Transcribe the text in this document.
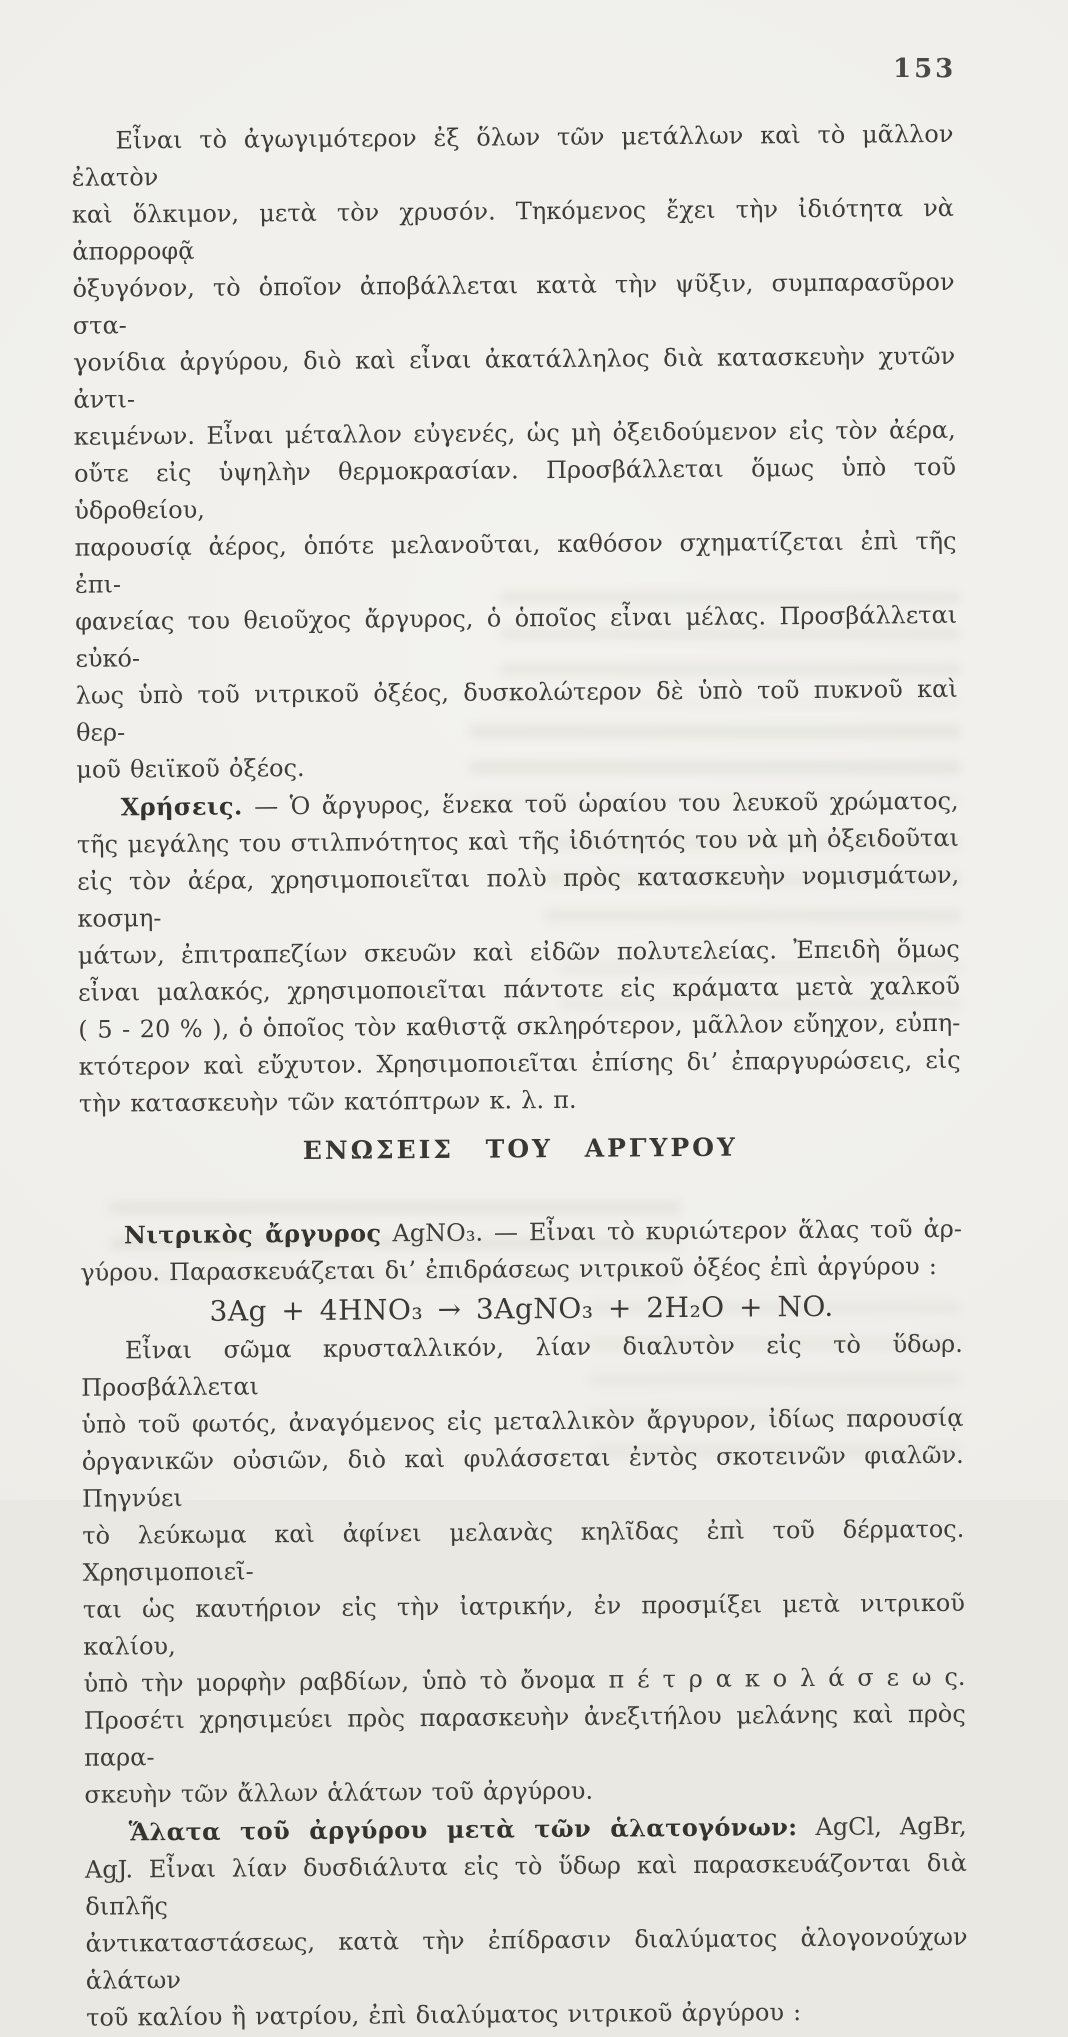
153
Εἶναι τὸ ἀγωγιμότερον ἐξ ὅλων τῶν μετάλλων καὶ τὸ μᾶλλον ἐλατὸν
καὶ ὅλκιμον, μετὰ τὸν χρυσόν. Τηκόμενος ἔχει τὴν ἰδιότητα νὰ ἀπορροφᾷ
ὀξυγόνον, τὸ ὁποῖον ἀποβάλλεται κατὰ τὴν ψῦξιν, συμπαρασῦρον στα-
γονίδια ἀργύρου, διὸ καὶ εἶναι ἀκατάλληλος διὰ κατασκευὴν χυτῶν ἀντι-
κειμένων. Εἶναι μέταλλον εὐγενές, ὡς μὴ ὀξειδούμενον εἰς τὸν ἀέρα,
οὔτε εἰς ὑψηλὴν θερμοκρασίαν. Προσβάλλεται ὅμως ὑπὸ τοῦ ὑδροθείου,
παρουσίᾳ ἀέρος, ὁπότε μελανοῦται, καθόσον σχηματίζεται ἐπὶ τῆς ἐπι-
φανείας του θειοῦχος ἄργυρος, ὁ ὁποῖος εἶναι μέλας. Προσβάλλεται εὐκό-
λως ὑπὸ τοῦ νιτρικοῦ ὀξέος, δυσκολώτερον δὲ ὑπὸ τοῦ πυκνοῦ καὶ θερ-
μοῦ θειϊκοῦ ὀξέος.
Χρήσεις. — Ὁ ἄργυρος, ἕνεκα τοῦ ὡραίου του λευκοῦ χρώματος,
τῆς μεγάλης του στιλπνότητος καὶ τῆς ἰδιότητός του νὰ μὴ ὀξειδοῦται
εἰς τὸν ἀέρα, χρησιμοποιεῖται πολὺ πρὸς κατασκευὴν νομισμάτων, κοσμη-
μάτων, ἐπιτραπεζίων σκευῶν καὶ εἰδῶν πολυτελείας. Ἐπειδὴ ὅμως
εἶναι μαλακός, χρησιμοποιεῖται πάντοτε εἰς κράματα μετὰ χαλκοῦ
( 5 - 20 % ), ὁ ὁποῖος τὸν καθιστᾷ σκληρότερον, μᾶλλον εὔηχον, εὐπη-
κτότερον καὶ εὔχυτον. Χρησιμοποιεῖται ἐπίσης δι’ ἐπαργυρώσεις, εἰς
τὴν κατασκευὴν τῶν κατόπτρων κ. λ. π.
ΕΝΩΣΕΙΣ ΤΟΥ ΑΡΓΥΡΟΥ
Νιτρικὸς ἄργυρος AgNO₃. — Εἶναι τὸ κυριώτερον ἅλας τοῦ ἀρ-
γύρου. Παρασκευάζεται δι’ ἐπιδράσεως νιτρικοῦ ὀξέος ἐπὶ ἀργύρου :
3Ag + 4HNO₃ → 3AgNO₃ + 2H₂O + NO.
Εἶναι σῶμα κρυσταλλικόν, λίαν διαλυτὸν εἰς τὸ ὕδωρ. Προσβάλλεται
ὑπὸ τοῦ φωτός, ἀναγόμενος εἰς μεταλλικὸν ἄργυρον, ἰδίως παρουσίᾳ
ὀργανικῶν οὐσιῶν, διὸ καὶ φυλάσσεται ἐντὸς σκοτεινῶν φιαλῶν. Πηγνύει
τὸ λεύκωμα καὶ ἀφίνει μελανὰς κηλῖδας ἐπὶ τοῦ δέρματος. Χρησιμοποιεῖ-
ται ὡς καυτήριον εἰς τὴν ἰατρικήν, ἐν προσμίξει μετὰ νιτρικοῦ καλίου,
ὑπὸ τὴν μορφὴν ραβδίων, ὑπὸ τὸ ὄνομα π έ τ ρ α κ ο λ ά σ ε ω ς.
Προσέτι χρησιμεύει πρὸς παρασκευὴν ἀνεξιτήλου μελάνης καὶ πρὸς παρα-
σκευὴν τῶν ἄλλων ἁλάτων τοῦ ἀργύρου.
Ἅλατα τοῦ ἀργύρου μετὰ τῶν ἁλατογόνων: AgCl, AgBr,
AgJ. Εἶναι λίαν δυσδιάλυτα εἰς τὸ ὕδωρ καὶ παρασκευάζονται διὰ διπλῆς
ἀντικαταστάσεως, κατὰ τὴν ἐπίδρασιν διαλύματος ἁλογονούχων ἁλάτων
τοῦ καλίου ἢ νατρίου, ἐπὶ διαλύματος νιτρικοῦ ἀργύρου :
